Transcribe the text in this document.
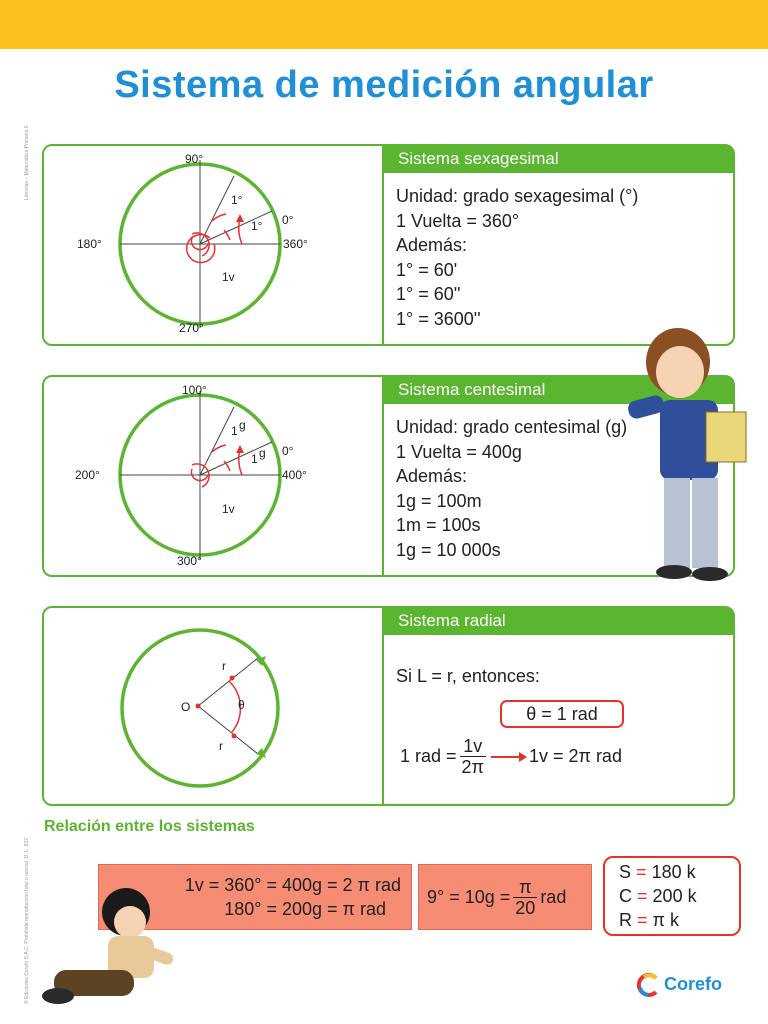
Sistema de medición angular
Láminas – Matemática Primaria 6
© Ediciones Corefo S.A.C. Prohibida reproducción total o parcial. D. L. 822
90°
180°
270°
0°
360°
1°
1°
1v
Sistema sexagesimal
Unidad: grado sexagesimal (°)
1 Vuelta = 360°
Además:
1° = 60'
1° = 60''
1° = 3600''
100°
200°
300°
0°
400°
1 g
1 g
1v
Sistema centesimal
Unidad: grado centesimal (g)
1 Vuelta = 400g
Además:
1g = 100m
1m = 100s
1g = 10 000s
O	θ
r
r
Sistema radial
Si L = r, entonces:
θ = 1 rad
1 rad = $\frac{1v}{2\pi} 1v = 2\pi$ rad
Relación entre los sistemas
1v = 360° = 400g = 2 π rad
180° = 200g = π rad
$9^\circ = 10g = \frac{\pi}{20}$ rad
S = 180 k
C = 200 k
R = π k
Corefo
